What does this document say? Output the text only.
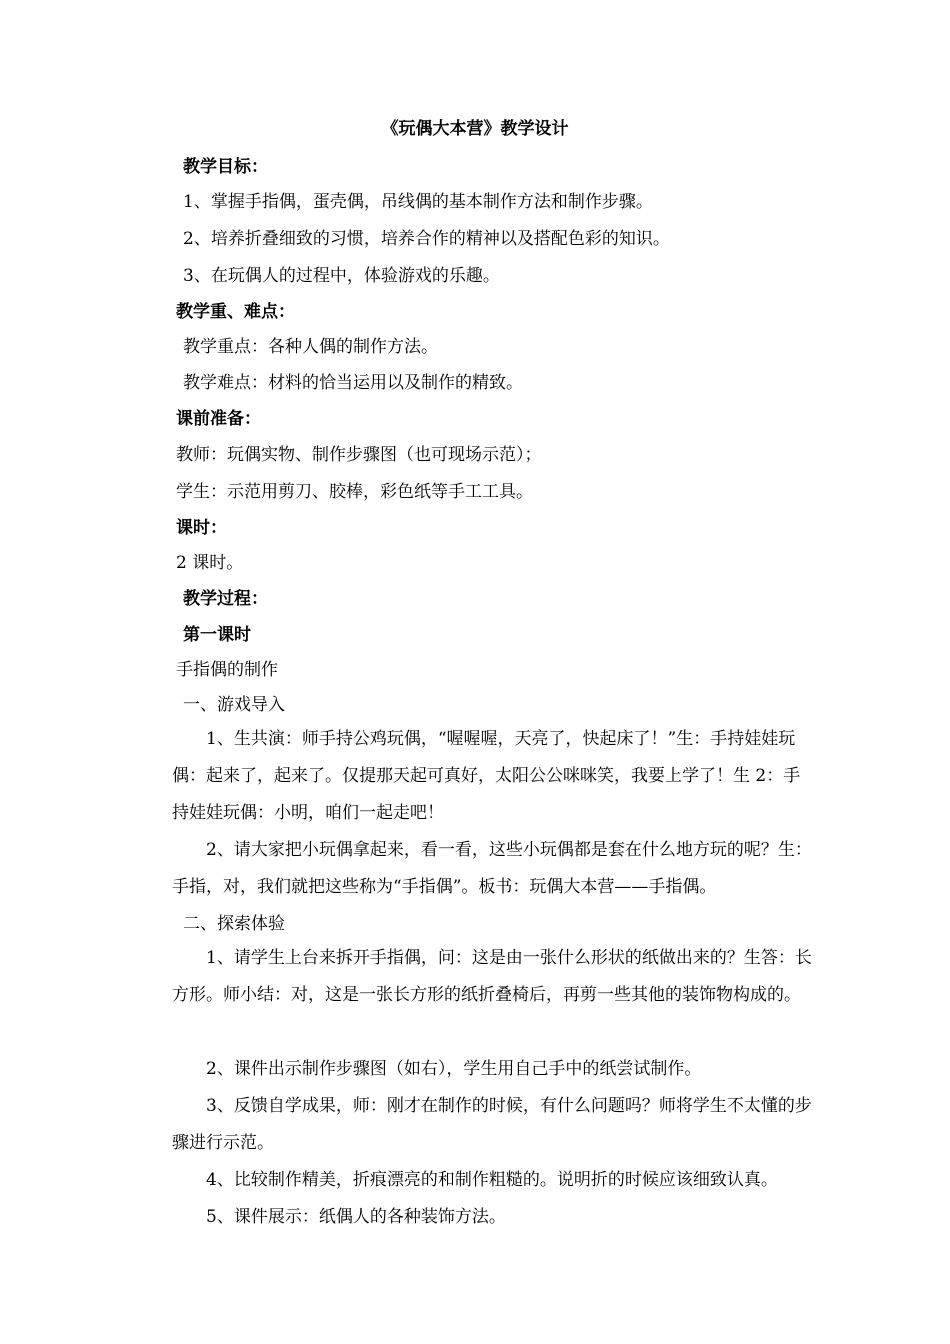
《玩偶大本营》教学设计
教学目标：
1、掌握手指偶，蛋壳偶，吊线偶的基本制作方法和制作步骤。
2、培养折叠细致的习惯，培养合作的精神以及搭配色彩的知识。
3、在玩偶人的过程中，体验游戏的乐趣。
教学重、难点：
教学重点：各种人偶的制作方法。
教学难点：材料的恰当运用以及制作的精致。
课前准备：
教师：玩偶实物、制作步骤图（也可现场示范）；
学生：示范用剪刀、胶棒，彩色纸等手工工具。
课时：
2 课时。
教学过程：
第一课时
手指偶的制作
一、游戏导入
1、生共演：师手持公鸡玩偶，“喔喔喔，天亮了，快起床了！”生：手持娃娃玩偶：起来了，起来了。仅提那天起可真好，太阳公公咪咪笑，我要上学了！生 2：手持娃娃玩偶：小明，咱们一起走吧！
2、请大家把小玩偶拿起来，看一看，这些小玩偶都是套在什么地方玩的呢？生：手指，对，我们就把这些称为“手指偶”。板书：玩偶大本营——手指偶。
二、探索体验
1、请学生上台来拆开手指偶，问：这是由一张什么形状的纸做出来的？生答：长方形。师小结：对，这是一张长方形的纸折叠椅后，再剪一些其他的装饰物构成的。
2、课件出示制作步骤图（如右），学生用自己手中的纸尝试制作。
3、反馈自学成果，师：刚才在制作的时候，有什么问题吗？师将学生不太懂的步骤进行示范。
4、比较制作精美，折痕漂亮的和制作粗糙的。说明折的时候应该细致认真。
5、课件展示：纸偶人的各种装饰方法。
